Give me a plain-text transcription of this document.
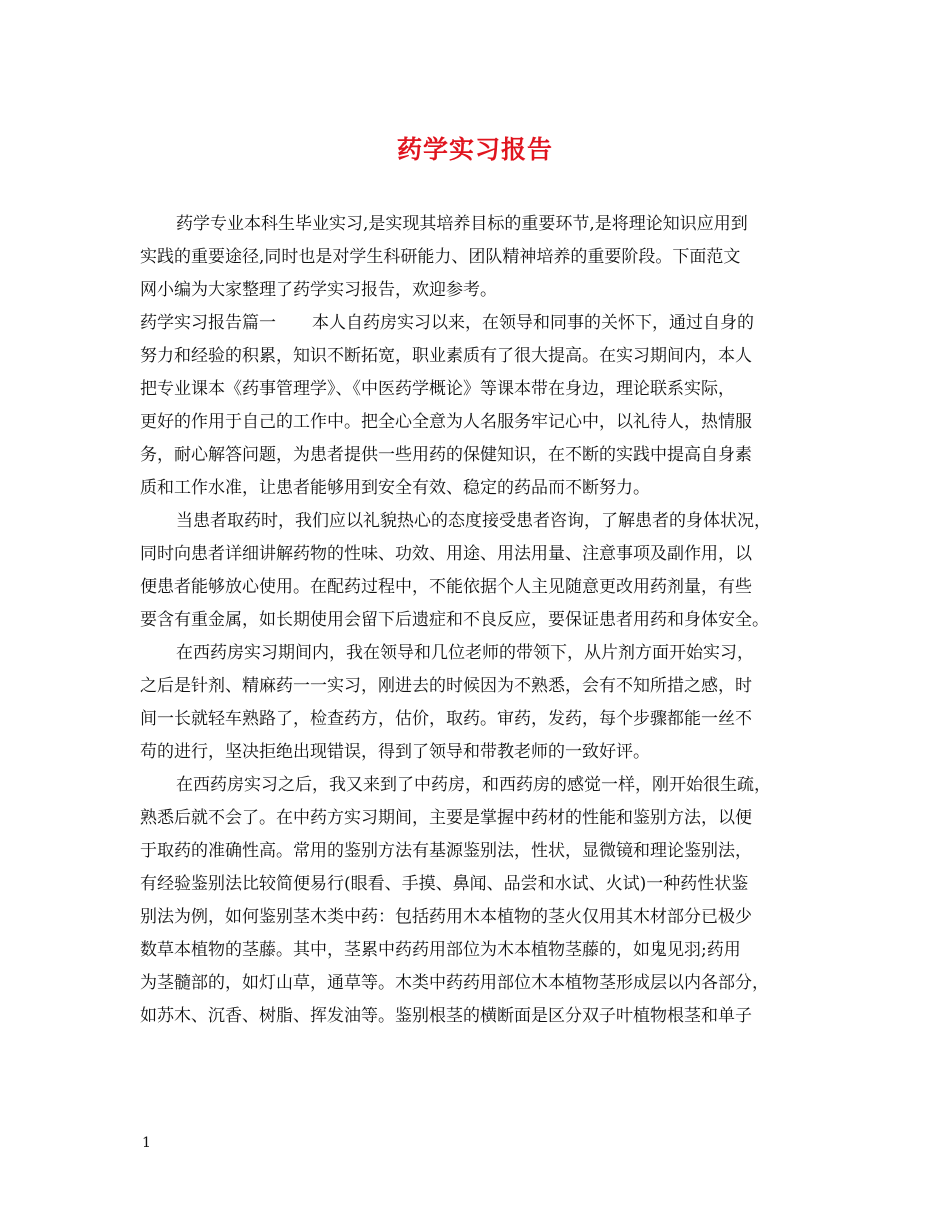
药学实习报告
药学专业本科生毕业实习,是实现其培养目标的重要环节,是将理论知识应用到
实践的重要途径,同时也是对学生科研能力、团队精神培养的重要阶段。下面范文
网小编为大家整理了药学实习报告，欢迎参考。
药学实习报告篇一 本人自药房实习以来，在领导和同事的关怀下，通过自身的
努力和经验的积累，知识不断拓宽，职业素质有了很大提高。在实习期间内，本人
把专业课本《药事管理学》、《中医药学概论》等课本带在身边，理论联系实际，
更好的作用于自己的工作中。把全心全意为人名服务牢记心中，以礼待人，热情服
务，耐心解答问题，为患者提供一些用药的保健知识，在不断的实践中提高自身素
质和工作水准，让患者能够用到安全有效、稳定的药品而不断努力。
当患者取药时，我们应以礼貌热心的态度接受患者咨询，了解患者的身体状况，
同时向患者详细讲解药物的性味、功效、用途、用法用量、注意事项及副作用，以
便患者能够放心使用。在配药过程中，不能依据个人主见随意更改用药剂量，有些
要含有重金属，如长期使用会留下后遗症和不良反应，要保证患者用药和身体安全。
在西药房实习期间内，我在领导和几位老师的带领下，从片剂方面开始实习，
之后是针剂、精麻药一一实习，刚进去的时候因为不熟悉，会有不知所措之感，时
间一长就轻车熟路了，检查药方，估价，取药。审药，发药，每个步骤都能一丝不
苟的进行，坚决拒绝出现错误，得到了领导和带教老师的一致好评。
在西药房实习之后，我又来到了中药房，和西药房的感觉一样，刚开始很生疏，
熟悉后就不会了。在中药方实习期间，主要是掌握中药材的性能和鉴别方法，以便
于取药的准确性高。常用的鉴别方法有基源鉴别法，性状，显微镜和理论鉴别法，
有经验鉴别法比较简便易行(眼看、手摸、鼻闻、品尝和水试、火试)一种药性状鉴
别法为例，如何鉴别茎木类中药：包括药用木本植物的茎火仅用其木材部分已极少
数草本植物的茎藤。其中，茎累中药药用部位为木本植物茎藤的，如鬼见羽;药用
为茎髓部的，如灯山草，通草等。木类中药药用部位木本植物茎形成层以内各部分，
如苏木、沉香、树脂、挥发油等。鉴别根茎的横断面是区分双子叶植物根茎和单子
1
